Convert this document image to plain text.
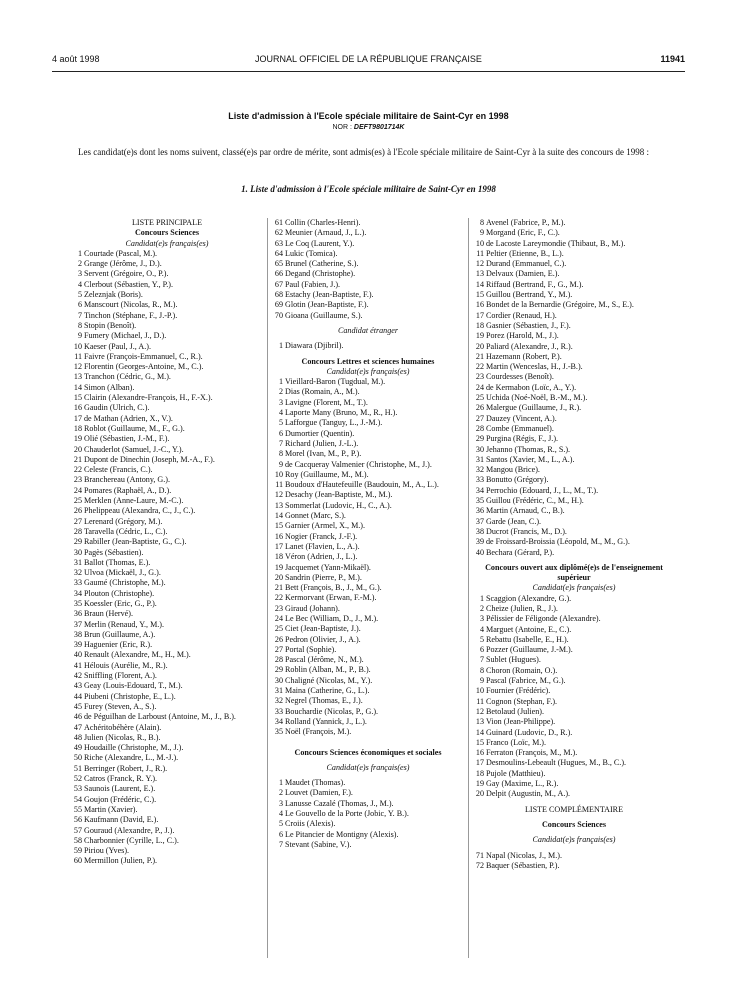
4 août 1998	JOURNAL OFFICIEL DE LA RÉPUBLIQUE FRANÇAISE	11941
Liste d'admission à l'Ecole spéciale militaire de Saint-Cyr en 1998
NOR : DEFT9801714K
Les candidat(e)s dont les noms suivent, classé(e)s par ordre de mérite, sont admis(es) à l'Ecole spéciale militaire de Saint-Cyr à la suite des concours de 1998 :
1. Liste d'admission à l'Ecole spéciale militaire de Saint-Cyr en 1998
LISTE PRINCIPALE
Concours Sciences
Candidat(e)s français(es)
1 Courtade (Pascal, M.).
2 Grange (Jérôme, J., D.).
3 Servent (Grégoire, O., P.).
4 Clerbout (Sébastien, Y., P.).
5 Zeleznjak (Boris).
6 Manscourt (Nicolas, R., M.).
7 Tinchon (Stéphane, F., J.-P.).
8 Stopin (Benoît).
9 Fumery (Michael, J., D.).
10 Kaeser (Paul, J., A.).
11 Faivre (François-Emmanuel, C., R.).
12 Florentin (Georges-Antoine, M., C.).
13 Tranchon (Cédric, G., M.).
14 Simon (Alban).
15 Clairin (Alexandre-François, H., F.-X.).
16 Gaudin (Ulrich, C.).
17 de Mathan (Adrien, X., V.).
18 Roblot (Guillaume, M., F., G.).
19 Olié (Sébastien, J.-M., F.).
20 Chauderlot (Samuel, J.-C., Y.).
21 Dupont de Dinechin (Joseph, M.-A., F.).
22 Celeste (Francis, C.).
23 Branchereau (Antony, G.).
24 Pomares (Raphaël, A., D.).
25 Merklen (Anne-Laure, M.-C.).
26 Phelippeau (Alexandra, C., J., C.).
27 Lerenard (Grégory, M.).
28 Taravella (Cédric, L., C.).
29 Rabiller (Jean-Baptiste, G., C.).
30 Pagès (Sébastien).
31 Ballot (Thomas, E.).
32 Ulvoa (Mickaël, J., G.).
33 Gaumé (Christophe, M.).
34 Plouton (Christophe).
35 Koessler (Eric, G., P.).
36 Braun (Hervé).
37 Merlin (Renaud, Y., M.).
38 Brun (Guillaume, A.).
39 Haguenier (Eric, R.).
40 Renault (Alexandre, M., H., M.).
41 Hélouis (Aurélie, M., R.).
42 Sniffling (Florent, A.).
43 Geay (Louis-Edouard, T., M.).
44 Piubeni (Christophe, E., L.).
45 Furey (Steven, A., S.).
46 de Péguilhan de Larboust (Antoine, M., J., B.).
47 Achéritobéhère (Alain).
48 Julien (Nicolas, R., B.).
49 Houdaille (Christophe, M., J.).
50 Riche (Alexandre, L., M.-J.).
51 Berringer (Robert, J., R.).
52 Catros (Franck, R. Y.).
53 Saunois (Laurent, E.).
54 Goujon (Frédéric, C.).
55 Martin (Xavier).
56 Kaufmann (David, E.).
57 Gouraud (Alexandre, P., J.).
58 Charbonnier (Cyrille, L., C.).
59 Piriou (Yves).
60 Mermillon (Julien, P.).
61 Collin (Charles-Henri).
62 Meunier (Arnaud, J., L.).
63 Le Coq (Laurent, Y.).
64 Lukic (Tomica).
65 Brunel (Catherine, S.).
66 Degand (Christophe).
67 Paul (Fabien, J.).
68 Estachy (Jean-Baptiste, F.).
69 Glotin (Jean-Baptiste, F.).
70 Gioana (Guillaume, S.).
Candidat étranger
1 Diawara (Djibril).
Concours Lettres et sciences humaines
Candidat(e)s français(es)
1 Vieillard-Baron (Tugdual, M.).
2 Dias (Romain, A., M.).
3 Lavigne (Florent, M., T.).
4 Laporte Many (Bruno, M., R., H.).
5 Lafforgue (Tanguy, L., J.-M.).
6 Dumortier (Quentin).
7 Richard (Julien, J.-L.).
8 Morel (Ivan, M., P., P.).
9 de Cacqueray Valmenier (Christophe, M., J.).
10 Roy (Guillaume, M., M.).
11 Boudoux d'Hautefeuille (Baudouin, M., A., L.).
12 Desachy (Jean-Baptiste, M., M.).
13 Sommerlat (Ludovic, H., C., A.).
14 Gonnet (Marc, S.).
15 Garnier (Armel, X., M.).
16 Nogier (Franck, J.-F.).
17 Lanet (Flavien, L., A.).
18 Véron (Adrien, J., L.).
19 Jacquemet (Yann-Mikaël).
20 Sandrin (Pierre, P., M.).
21 Bett (François, B., J., M., G.).
22 Kermorvant (Erwan, F.-M.).
23 Giraud (Johann).
24 Le Bec (William, D., J., M.).
25 Ciet (Jean-Baptiste, J.).
26 Pedron (Olivier, J., A.).
27 Portal (Sophie).
28 Pascal (Jérôme, N., M.).
29 Roblin (Alban, M., P., B.).
30 Chaligné (Nicolas, M., Y.).
31 Maina (Catherine, G., L.).
32 Negrel (Thomas, E., J.).
33 Bouchardie (Nicolas, P., G.).
34 Rolland (Yannick, J., L.).
35 Noël (François, M.).
Concours Sciences économiques et sociales
Candidat(e)s français(es)
1 Maudet (Thomas).
2 Louvet (Damien, F.).
3 Lanusse Cazalé (Thomas, J., M.).
4 Le Gouvello de la Porte (Jobic, Y. B.).
5 Croiis (Alexis).
6 Le Pitancier de Montigny (Alexis).
7 Stevant (Sabine, V.).
8 Avenel (Fabrice, P., M.).
9 Morgand (Eric, F., C.).
10 de Lacoste Lareymondie (Thibaut, B., M.).
11 Peltier (Etienne, B., L.).
12 Durand (Emmanuel, C.).
13 Delvaux (Damien, E.).
14 Riffaud (Bertrand, F., G., M.).
15 Guillou (Bertrand, Y., M.).
16 Bondet de la Bernardie (Grégoire, M., S., E.).
17 Cordier (Renaud, H.).
18 Gasnier (Sébastien, J., F.).
19 Porez (Harold, M., J.).
20 Paliard (Alexandre, J., R.).
21 Hazemann (Robert, P.).
22 Martin (Wenceslas, H., J.-B.).
23 Courdesses (Benoît).
24 de Kermabon (Loïc, A., Y.).
25 Uchida (Noé-Noël, B.-M., M.).
26 Malergue (Guillaume, J., R.).
27 Dauzey (Vincent, A.).
28 Combe (Emmanuel).
29 Purgina (Régis, F., J.).
30 Jehanno (Thomas, R., S.).
31 Santos (Xavier, M., L., A.).
32 Mangou (Brice).
33 Bonutto (Grégory).
34 Perrochio (Edouard, J., L., M., T.).
35 Guillou (Frédéric, C., M., H.).
36 Martin (Arnaud, C., B.).
37 Garde (Jean, C.).
38 Ducrot (Francis, M., D.).
39 de Froissard-Broissia (Léopold, M., M., G.).
40 Bechara (Gérard, P.).
Concours ouvert aux diplômé(e)s de l'enseignement supérieur
Candidat(e)s français(es)
1 Scaggion (Alexandre, G.).
2 Cheize (Julien, R., J.).
3 Pélissier de Féligonde (Alexandre).
4 Marguet (Antoine, E., C.).
5 Rebattu (Isabelle, E., H.).
6 Pozzer (Guillaume, J.-M.).
7 Sublet (Hugues).
8 Choron (Romain, O.).
9 Pascal (Fabrice, M., G.).
10 Fournier (Frédéric).
11 Cognon (Stephan, F.).
12 Betolaud (Julien).
13 Vion (Jean-Philippe).
14 Guinard (Ludovic, D., R.).
15 Franco (Loïc, M.).
16 Ferraton (François, M., M.).
17 Desmoulins-Lebeault (Hugues, M., B., C.).
18 Pujole (Matthieu).
19 Gay (Maxime, L., R.).
20 Delpit (Augustin, M., A.).
LISTE COMPLÉMENTAIRE
Concours Sciences
Candidat(e)s français(es)
71 Napal (Nicolas, J., M.).
72 Baquer (Sébastien, P.).
